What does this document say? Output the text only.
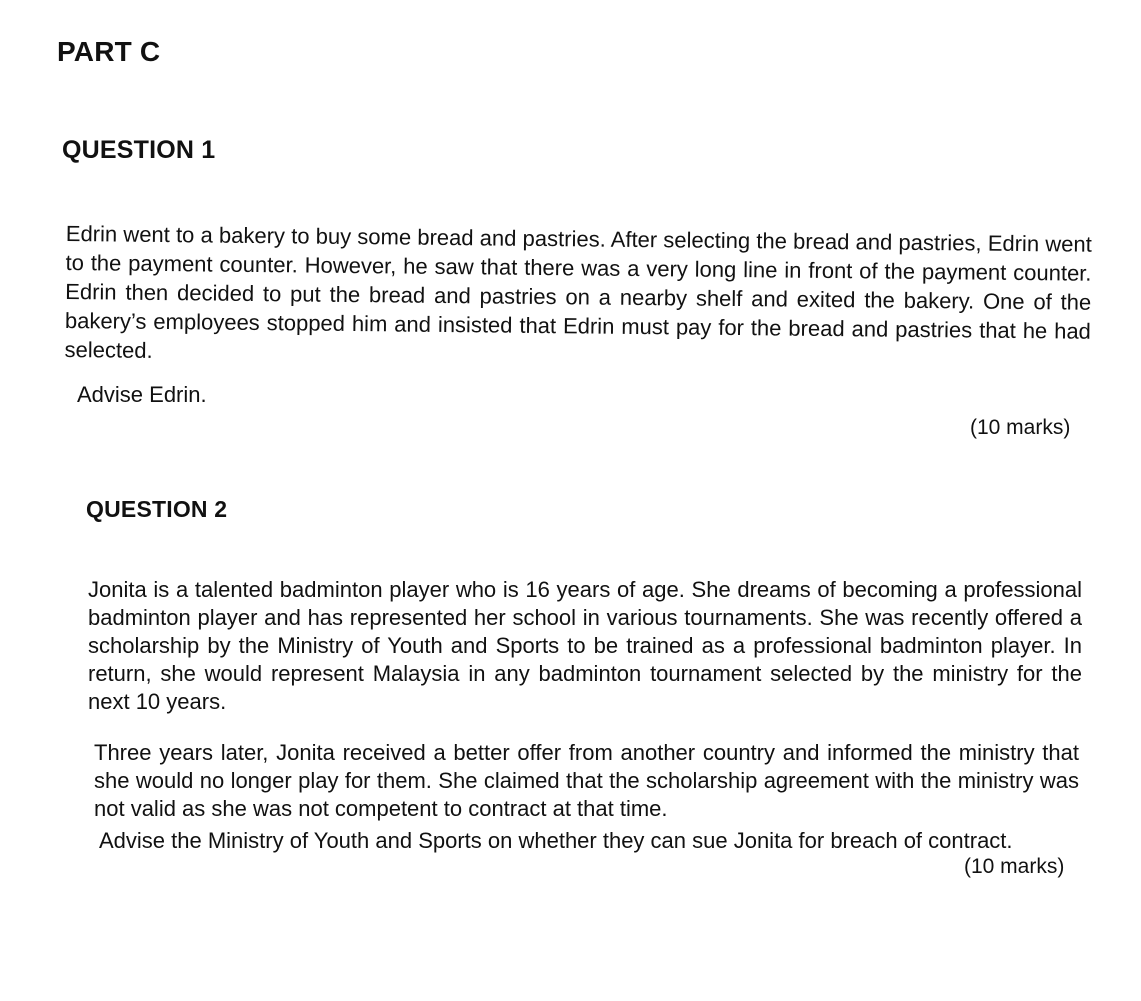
PART C
QUESTION 1

Edrin went to a bakery to buy some bread and pastries. After selecting the bread and pastries, Edrin went to the payment counter. However, he saw that there was a very long line in front of the payment counter. Edrin then decided to put the bread and pastries on a nearby shelf and exited the bakery. One of the bakery’s employees stopped him and insisted that Edrin must pay for the bread and pastries that he had selected.

Advise Edrin.
(10 marks)
QUESTION 2

Jonita is a talented badminton player who is 16 years of age. She dreams of becoming a professional badminton player and has represented her school in various tournaments. She was recently offered a scholarship by the Ministry of Youth and Sports to be trained as a professional badminton player. In return, she would represent Malaysia in any badminton tournament selected by the ministry for the next 10 years.

Three years later, Jonita received a better offer from another country and informed the ministry that she would no longer play for them. She claimed that the scholarship agreement with the ministry was not valid as she was not competent to contract at that time.

Advise the Ministry of Youth and Sports on whether they can sue Jonita for breach of contract.
(10 marks)
